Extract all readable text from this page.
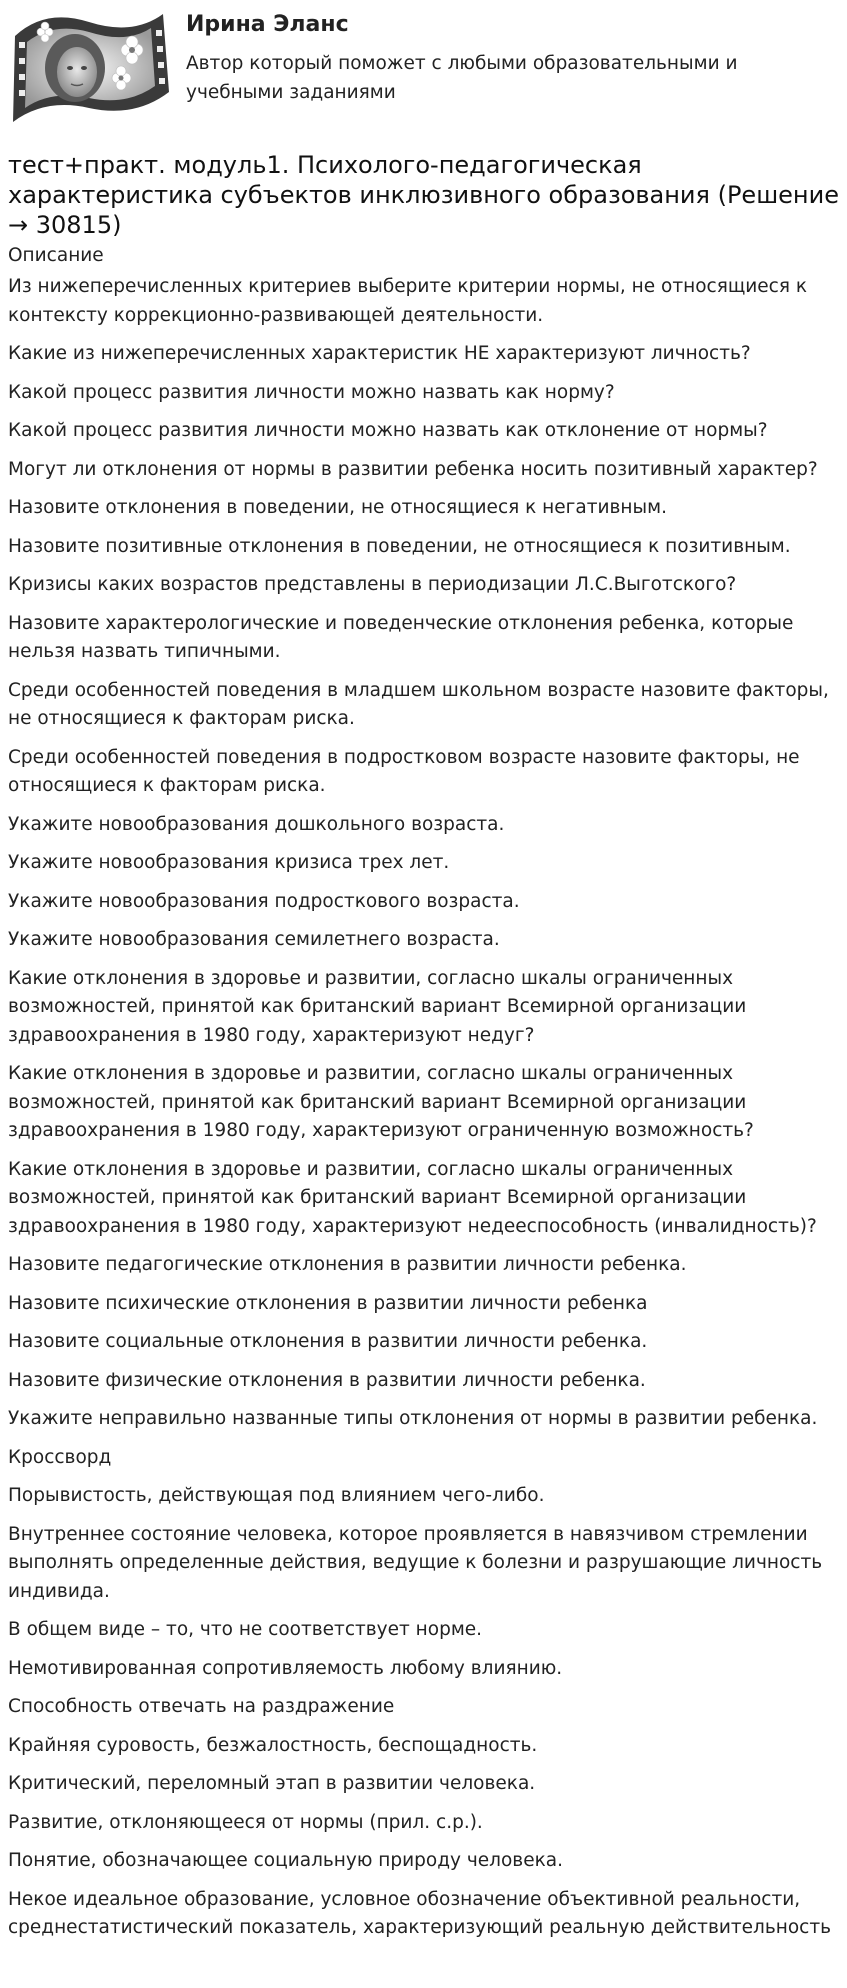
Ирина Эланс
Автор который поможет с любыми образовательными и учебными заданиями
тест+практ. модуль1. Психолого-педагогическая характеристика субъектов инклюзивного образования (Решение → 30815)
Описание

Из нижеперечисленных критериев выберите критерии нормы, не относящиеся к контексту коррекционно-развивающей деятельности.

Какие из нижеперечисленных характеристик НЕ характеризуют личность?

Какой процесс развития личности можно назвать как норму?

Какой процесс развития личности можно назвать как отклонение от нормы?

Могут ли отклонения от нормы в развитии ребенка носить позитивный характер?

Назовите отклонения в поведении, не относящиеся к негативным.

Назовите позитивные отклонения в поведении, не относящиеся к позитивным.

Кризисы каких возрастов представлены в периодизации Л.С.Выготского?

Назовите характерологические и поведенческие отклонения ребенка, которые нельзя назвать типичными.

Среди особенностей поведения в младшем школьном возрасте назовите факторы, не относящиеся к факторам риска.

Среди особенностей поведения в подростковом возрасте назовите факторы, не относящиеся к факторам риска.

Укажите новообразования дошкольного возраста.

Укажите новообразования кризиса трех лет.

Укажите новообразования подросткового возраста.

Укажите новообразования семилетнего возраста.

Какие отклонения в здоровье и развитии, согласно шкалы ограниченных возможностей, принятой как британский вариант Всемирной организации здравоохранения в 1980 году, характеризуют недуг?

Какие отклонения в здоровье и развитии, согласно шкалы ограниченных возможностей, принятой как британский вариант Всемирной организации здравоохранения в 1980 году, характеризуют ограниченную возможность?

Какие отклонения в здоровье и развитии, согласно шкалы ограниченных возможностей, принятой как британский вариант Всемирной организации здравоохранения в 1980 году, характеризуют недееспособность (инвалидность)?

Назовите педагогические отклонения в развитии личности ребенка.

Назовите психические отклонения в развитии личности ребенка

Назовите социальные отклонения в развитии личности ребенка.

Назовите физические отклонения в развитии личности ребенка.

Укажите неправильно названные типы отклонения от нормы в развитии ребенка.

Кроссворд

Порывистость, действующая под влиянием чего-либо.

Внутреннее состояние человека, которое проявляется в навязчивом стремлении выполнять определенные действия, ведущие к болезни и разрушающие личность индивида.

В общем виде – то, что не соответствует норме.

Немотивированная сопротивляемость любому влиянию.

Способность отвечать на раздражение

Крайняя суровость, безжалостность, беспощадность.

Критический, переломный этап в развитии человека.

Развитие, отклоняющееся от нормы (прил. с.р.).

Понятие, обозначающее социальную природу человека.

Некое идеальное образование, условное обозначение объективной реальности, среднестатистический показатель, характеризующий реальную действительность
